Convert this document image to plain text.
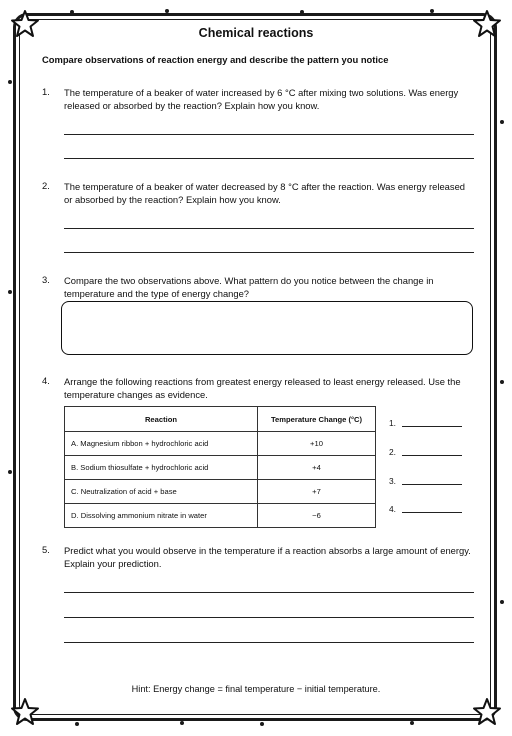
Chemical reactions
Compare observations of reaction energy and describe the pattern you notice
1. The temperature of a beaker of water increased by 6 °C after mixing two solutions. Was energy released or absorbed by the reaction? Explain how you know.
2. The temperature of a beaker of water decreased by 8 °C after the reaction. Was energy released or absorbed by the reaction? Explain how you know.
3. Compare the two observations above. What pattern do you notice between the change in temperature and the type of energy change?
4. Arrange the following reactions from greatest energy released to least energy released. Use the temperature changes as evidence.
Reaction	Temperature Change (°C)
A. Magnesium ribbon + hydrochloric acid	+10
B. Sodium thiosulfate + hydrochloric acid	+4
C. Neutralization of acid + base	+7
D. Dissolving ammonium nitrate in water	−6
1.
2.
3.
4.
5. Predict what you would observe in the temperature if a reaction absorbs a large amount of energy. Explain your prediction.
Hint: Energy change = final temperature − initial temperature.
